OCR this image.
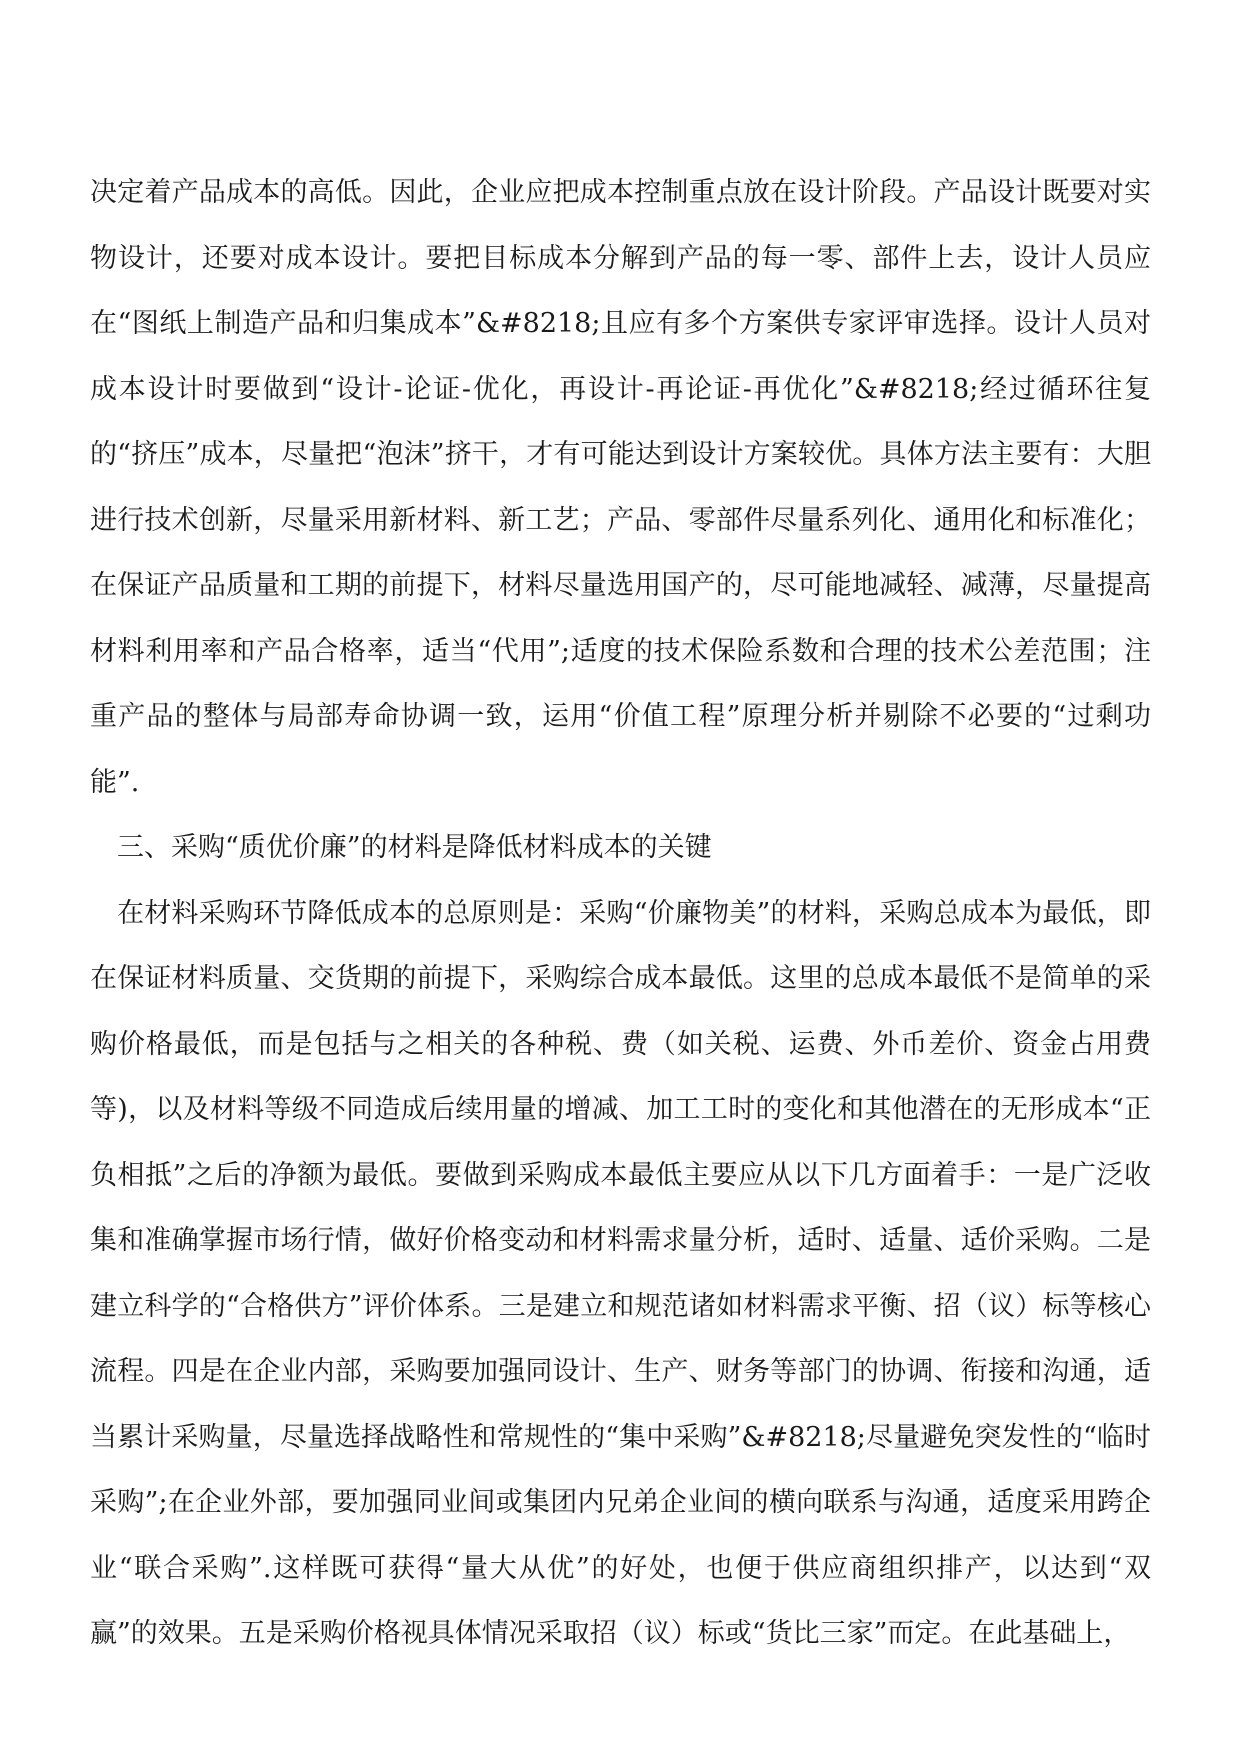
决定着产品成本的高低。因此，企业应把成本控制重点放在设计阶段。产品设计既要对实物设计，还要对成本设计。要把目标成本分解到产品的每一零、部件上去，设计人员应在“图纸上制造产品和归集成本”&#8218;且应有多个方案供专家评审选择。设计人员对成本设计时要做到“设计-论证-优化，再设计-再论证-再优化”&#8218;经过循环往复的“挤压”成本，尽量把“泡沫”挤干，才有可能达到设计方案较优。具体方法主要有：大胆进行技术创新，尽量采用新材料、新工艺；产品、零部件尽量系列化、通用化和标准化；在保证产品质量和工期的前提下，材料尽量选用国产的，尽可能地减轻、减薄，尽量提高材料利用率和产品合格率，适当“代用”;适度的技术保险系数和合理的技术公差范围；注重产品的整体与局部寿命协调一致，运用“价值工程”原理分析并剔除不必要的“过剩功能”.

三、采购“质优价廉”的材料是降低材料成本的关键

在材料采购环节降低成本的总原则是：采购“价廉物美”的材料，采购总成本为最低，即在保证材料质量、交货期的前提下，采购综合成本最低。这里的总成本最低不是简单的采购价格最低，而是包括与之相关的各种税、费（如关税、运费、外币差价、资金占用费等)，以及材料等级不同造成后续用量的增减、加工工时的变化和其他潜在的无形成本“正负相抵”之后的净额为最低。要做到采购成本最低主要应从以下几方面着手：一是广泛收集和准确掌握市场行情，做好价格变动和材料需求量分析，适时、适量、适价采购。二是建立科学的“合格供方”评价体系。三是建立和规范诸如材料需求平衡、招（议）标等核心流程。四是在企业内部，采购要加强同设计、生产、财务等部门的协调、衔接和沟通，适当累计采购量，尽量选择战略性和常规性的“集中采购”&#8218;尽量避免突发性的“临时采购”;在企业外部，要加强同业间或集团内兄弟企业间的横向联系与沟通，适度采用跨企业“联合采购”.这样既可获得“量大从优”的好处，也便于供应商组织排产，以达到“双赢”的效果。五是采购价格视具体情况采取招（议）标或“货比三家”而定。在此基础上，
